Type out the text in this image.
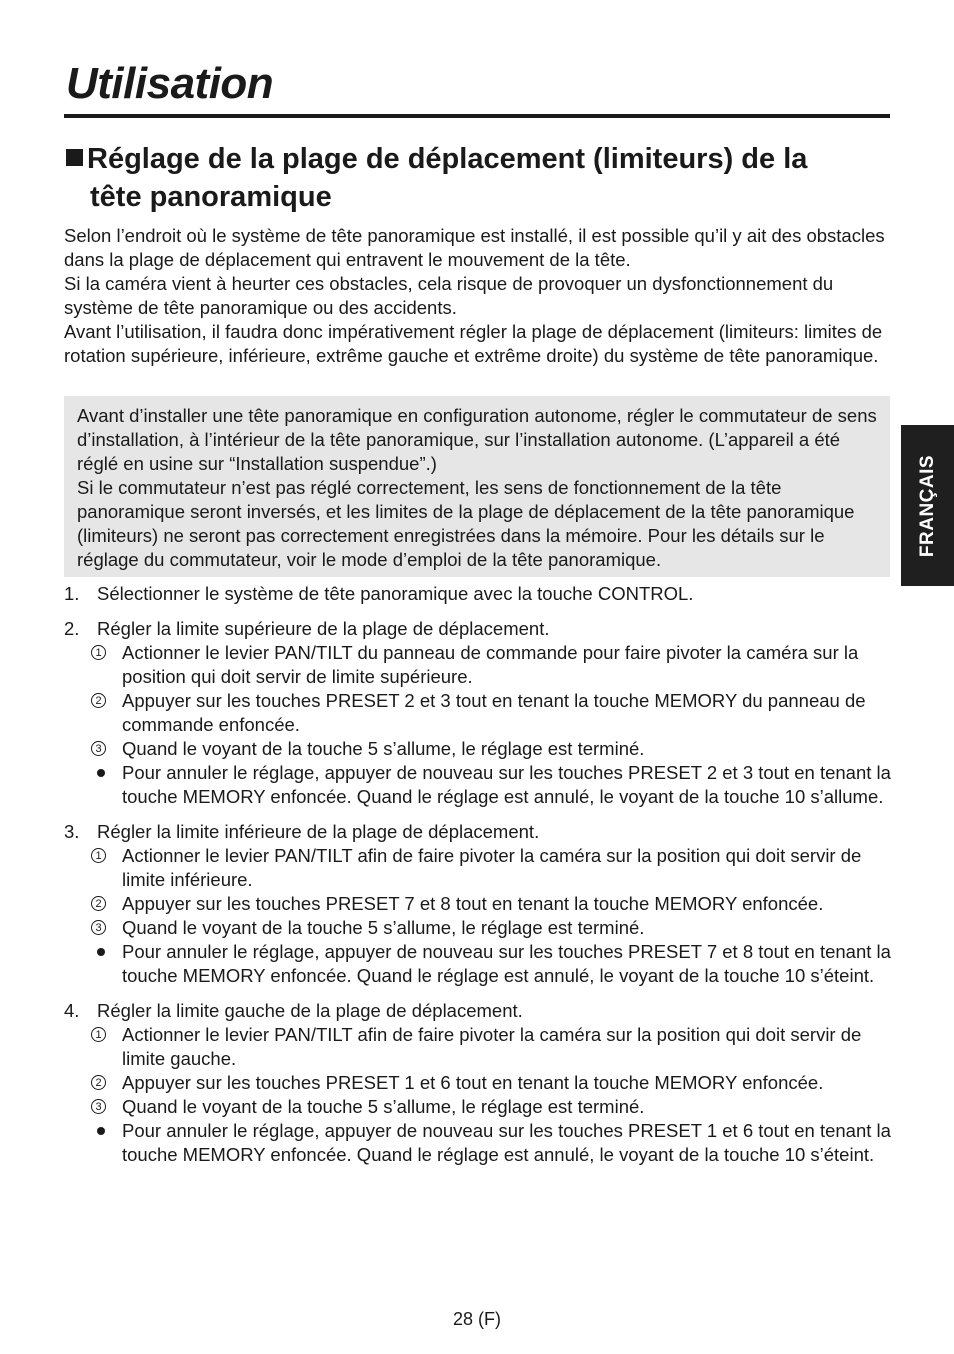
Utilisation
Réglage de la plage de déplacement (limiteurs) de la
tête panoramique

Selon l’endroit où le système de tête panoramique est installé, il est possible qu’il y ait des obstacles dans la plage de déplacement qui entravent le mouvement de la tête.

Si la caméra vient à heurter ces obstacles, cela risque de provoquer un dysfonctionnement du système de tête panoramique ou des accidents.

Avant l’utilisation, il faudra donc impérativement régler la plage de déplacement (limiteurs: limites de rotation supérieure, inférieure, extrême gauche et extrême droite) du système de tête panoramique.

Avant d’installer une tête panoramique en configuration autonome, régler le commutateur de sens d’installation, à l’intérieur de la tête panoramique, sur l’installation autonome. (L’appareil a été réglé en usine sur “Installation suspendue”.)

Si le commutateur n’est pas réglé correctement, les sens de fonctionnement de la tête panoramique seront inversés, et les limites de la plage de déplacement de la tête panoramique (limiteurs) ne seront pas correctement enregistrées dans la mémoire. Pour les détails sur le réglage du commutateur, voir le mode d’emploi de la tête panoramique.

1. Sélectionner le système de tête panoramique avec la touche CONTROL.
2. Régler la limite supérieure de la plage de déplacement.
1 Actionner le levier PAN/TILT du panneau de commande pour faire pivoter la caméra sur la position qui doit servir de limite supérieure.
2 Appuyer sur les touches PRESET 2 et 3 tout en tenant la touche MEMORY du panneau de commande enfoncée.
3 Quand le voyant de la touche 5 s’allume, le réglage est terminé.
Pour annuler le réglage, appuyer de nouveau sur les touches PRESET 2 et 3 tout en tenant la touche MEMORY enfoncée. Quand le réglage est annulé, le voyant de la touche 10 s’allume.
3. Régler la limite inférieure de la plage de déplacement.
1 Actionner le levier PAN/TILT afin de faire pivoter la caméra sur la position qui doit servir de limite inférieure.
2 Appuyer sur les touches PRESET 7 et 8 tout en tenant la touche MEMORY enfoncée.
3 Quand le voyant de la touche 5 s’allume, le réglage est terminé.
Pour annuler le réglage, appuyer de nouveau sur les touches PRESET 7 et 8 tout en tenant la touche MEMORY enfoncée. Quand le réglage est annulé, le voyant de la touche 10 s’éteint.
4. Régler la limite gauche de la plage de déplacement.
1 Actionner le levier PAN/TILT afin de faire pivoter la caméra sur la position qui doit servir de limite gauche.
2 Appuyer sur les touches PRESET 1 et 6 tout en tenant la touche MEMORY enfoncée.
3 Quand le voyant de la touche 5 s’allume, le réglage est terminé.
Pour annuler le réglage, appuyer de nouveau sur les touches PRESET 1 et 6 tout en tenant la touche MEMORY enfoncée. Quand le réglage est annulé, le voyant de la touche 10 s’éteint.
FRANÇAIS
28 (F)
